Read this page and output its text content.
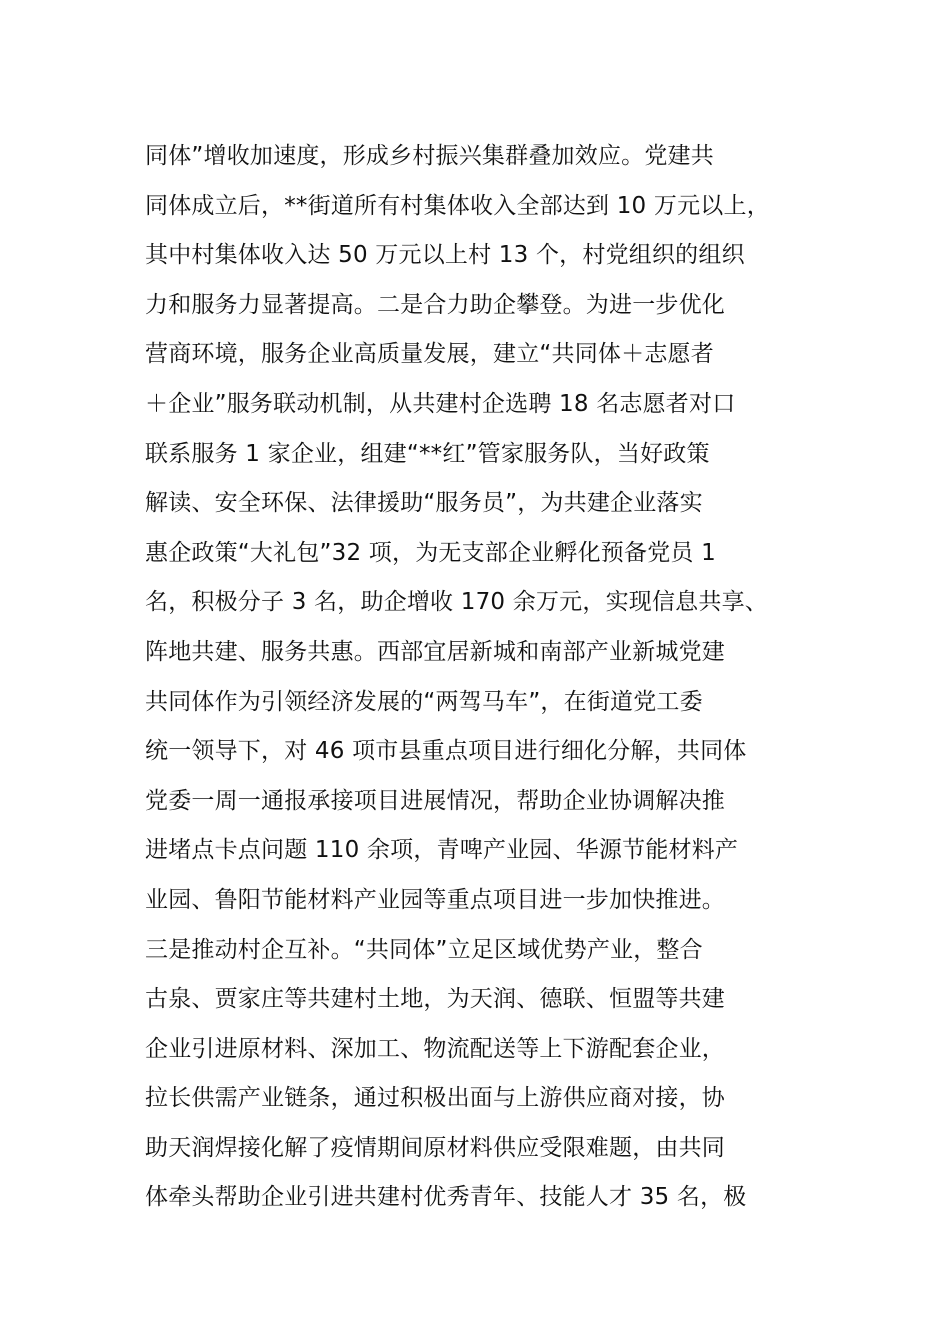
同体”增收加速度，形成乡村振兴集群叠加效应。党建共
同体成立后，**街道所有村集体收入全部达到 10 万元以上，
其中村集体收入达 50 万元以上村 13 个，村党组织的组织
力和服务力显著提高。二是合力助企攀登。为进一步优化
营商环境，服务企业高质量发展，建立“共同体＋志愿者
＋企业”服务联动机制，从共建村企选聘 18 名志愿者对口
联系服务 1 家企业，组建“**红”管家服务队，当好政策
解读、安全环保、法律援助“服务员”，为共建企业落实
惠企政策“大礼包”32 项，为无支部企业孵化预备党员 1
名，积极分子 3 名，助企增收 170 余万元，实现信息共享、
阵地共建、服务共惠。西部宜居新城和南部产业新城党建
共同体作为引领经济发展的“两驾马车”，在街道党工委
统一领导下，对 46 项市县重点项目进行细化分解，共同体
党委一周一通报承接项目进展情况，帮助企业协调解决推
进堵点卡点问题 110 余项，青啤产业园、华源节能材料产
业园、鲁阳节能材料产业园等重点项目进一步加快推进。
三是推动村企互补。“共同体”立足区域优势产业，整合
古泉、贾家庄等共建村土地，为天润、德联、恒盟等共建
企业引进原材料、深加工、物流配送等上下游配套企业，
拉长供需产业链条，通过积极出面与上游供应商对接，协
助天润焊接化解了疫情期间原材料供应受限难题，由共同
体牵头帮助企业引进共建村优秀青年、技能人才 35 名，极
